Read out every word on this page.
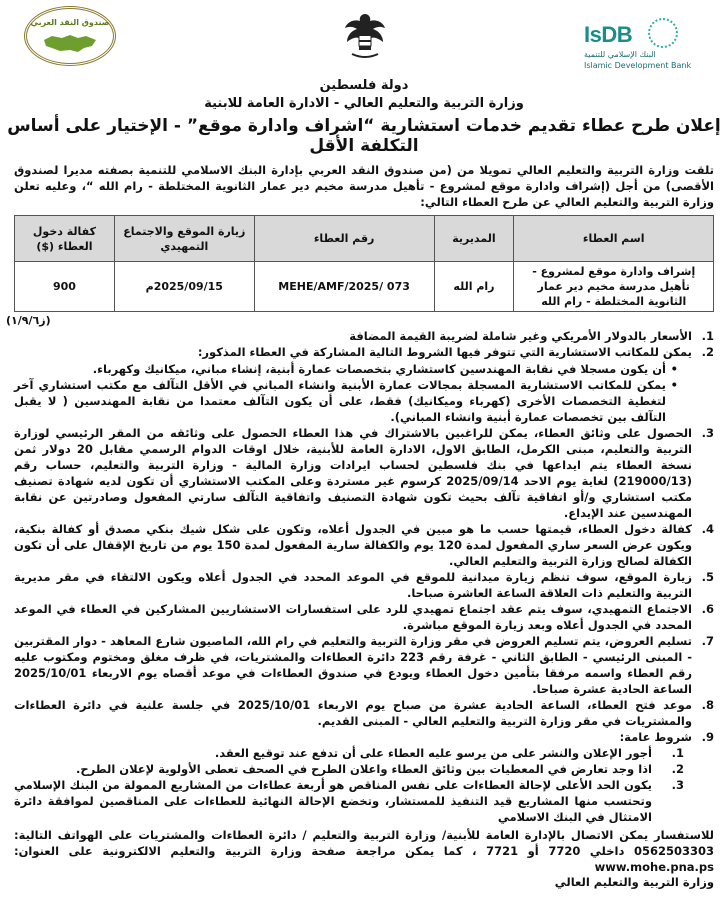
IsDB
البنك الإسلامي للتنمية
Islamic Development Bank
صندوق النقد العربي
دولة فلسطين
وزارة التربية والتعليم العالي - الادارة العامة للابنية
إعلان طرح عطاء تقديم خدمات استشارية “اشراف وادارة موقع” - الإختيار على أساس التكلفة الأقل

تلقت وزارة التربية والتعليم العالي تمويلا من (من صندوق النقد العربي بإدارة البنك الاسلامي للتنمية بصفته مديرا لصندوق الأقصى) من أجل (إشراف وادارة موقع لمشروع - تأهيل مدرسة مخيم دير عمار الثانوية المختلطة - رام الله “، وعليه تعلن وزارة التربية والتعليم العالي عن طرح العطاء التالي:

اسم العطاء	المديرية	رقم العطاء	زيارة الموقع والاجتماع التمهيدي	كفالة دخول العطاء ($)
إشراف وادارة موقع لمشروع - تأهيل مدرسة مخيم دير عمار الثانوية المختلطة - رام الله	رام الله	MEHE/AMF/2025/ 073	2025/09/15م	900
(ز١/٩/٦)
1.
الأسعار بالدولار الأمريكي وغير شاملة لضريبة القيمة المضافة
2.
يمكن للمكاتب الاستشارية التي تتوفر فيها الشروط التالية المشاركة في العطاء المذكور:
• أن يكون مسجلا في نقابة المهندسين كاستشاري بتخصصات عمارة أبنية، إنشاء مباني، ميكانيك وكهرباء.
• يمكن للمكاتب الاستشارية المسجلة بمجالات عمارة الأبنية وانشاء المباني في الأقل التآلف مع مكتب استشاري آخر لتغطية التخصصات الأخرى (كهرباء وميكانيك) فقط، على أن يكون التآلف معتمدا من نقابة المهندسين ( لا يقبل التآلف بين تخصصات عمارة أبنية وانشاء المباني).
3.
الحصول على وثائق العطاء، يمكن للراغبين بالاشتراك في هذا العطاء الحصول على وثائقه من المقر الرئيسي لوزارة التربية والتعليم، مبنى الكرمل، الطابق الاول، الادارة العامة للأبنية، خلال اوقات الدوام الرسمي مقابل 20 دولار ثمن نسخة العطاء يتم ايداعها في بنك فلسطين لحساب ايرادات وزارة المالية - وزارة التربية والتعليم، حساب رقم (219000/13) لغاية يوم الاحد 2025/09/14 كرسوم غير مستردة وعلى المكتب الاستشاري أن تكون لديه شهادة تصنيف مكتب استشاري و/أو اتفاقية تآلف بحيث تكون شهادة التصنيف واتفاقية التآلف سارتي المفعول وصادرتين عن نقابة المهندسين عند الإيداع.
4.
كفالة دخول العطاء، قيمتها حسب ما هو مبين في الجدول أعلاه، وتكون على شكل شيك بنكي مصدق أو كفالة بنكية، ويكون عرض السعر ساري المفعول لمدة 120 يوم والكفالة سارية المفعول لمدة 150 يوم من تاريخ الإقفال على أن تكون الكفالة لصالح وزارة التربية والتعليم العالي.
5.
زيارة الموقع، سوف تنظم زيارة ميدانية للموقع في الموعد المحدد في الجدول أعلاه ويكون الالتقاء في مقر مديرية التربية والتعليم ذات العلاقة الساعة العاشرة صباحا.
6.
الاجتماع التمهيدي، سوف يتم عقد اجتماع تمهيدي للرد على استفسارات الاستشاريين المشاركين في العطاء في الموعد المحدد في الجدول أعلاه وبعد زيارة الموقع مباشرة.
7.
تسليم العروض، يتم تسليم العروض في مقر وزارة التربية والتعليم في رام الله، الماصيون شارع المعاهد - دوار المقتربين - المبنى الرئيسي - الطابق الثاني - غرفة رقم 223 دائرة العطاءات والمشتريات، في ظرف مغلق ومختوم ومكتوب عليه رقم العطاء واسمه مرفقا بتأمين دخول العطاء ويودع في صندوق العطاءات في موعد أقصاه يوم الاربعاء 2025/10/01 الساعة الحادية عشرة صباحا.
8.
موعد فتح العطاء، الساعة الحادية عشرة من صباح يوم الاربعاء 2025/10/01 في جلسة علنية في دائرة العطاءات والمشتريات في مقر وزارة التربية والتعليم العالي - المبنى القديم.
9.
شروط عامة:
1.
أجور الإعلان والنشر على من يرسو عليه العطاء على أن تدفع عند توقيع العقد.
2.
اذا وجد تعارض في المعطيات بين وثائق العطاء واعلان الطرح في الصحف تعطى الأولوية لإعلان الطرح.
3.
يكون الحد الأعلى لإحالة العطاءات على نفس المناقص هو أربعة عطاءات من المشاريع الممولة من البنك الإسلامي وتحتسب منها المشاريع قيد التنفيذ للمستشار، وتخضع الإحالة النهائية للعطاءات على المناقصين لموافقة دائرة الامتثال في البنك الاسلامي

للاستفسار يمكن الاتصال بالإدارة العامة للأبنية/ وزارة التربية والتعليم / دائرة العطاءات والمشتريات على الهواتف التالية: 0562503303 داخلي 7720 أو 7721 ، كما يمكن مراجعة صفحة وزارة التربية والتعليم الالكترونية على العنوان: www.mohe.pna.ps

وزارة التربية والتعليم العالي
